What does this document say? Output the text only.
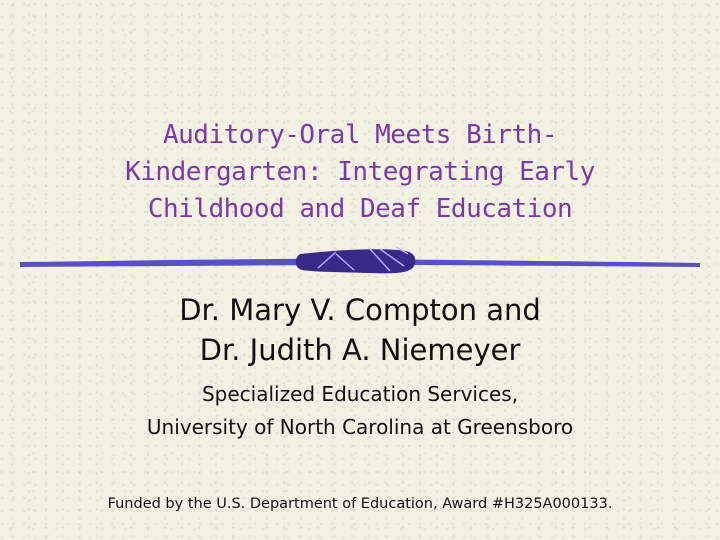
Auditory-Oral Meets Birth-
Kindergarten: Integrating Early
Childhood and Deaf Education
Dr. Mary V. Compton and
Dr. Judith A. Niemeyer
Specialized Education Services,
University of North Carolina at Greensboro
Funded by the U.S. Department of Education, Award #H325A000133.
